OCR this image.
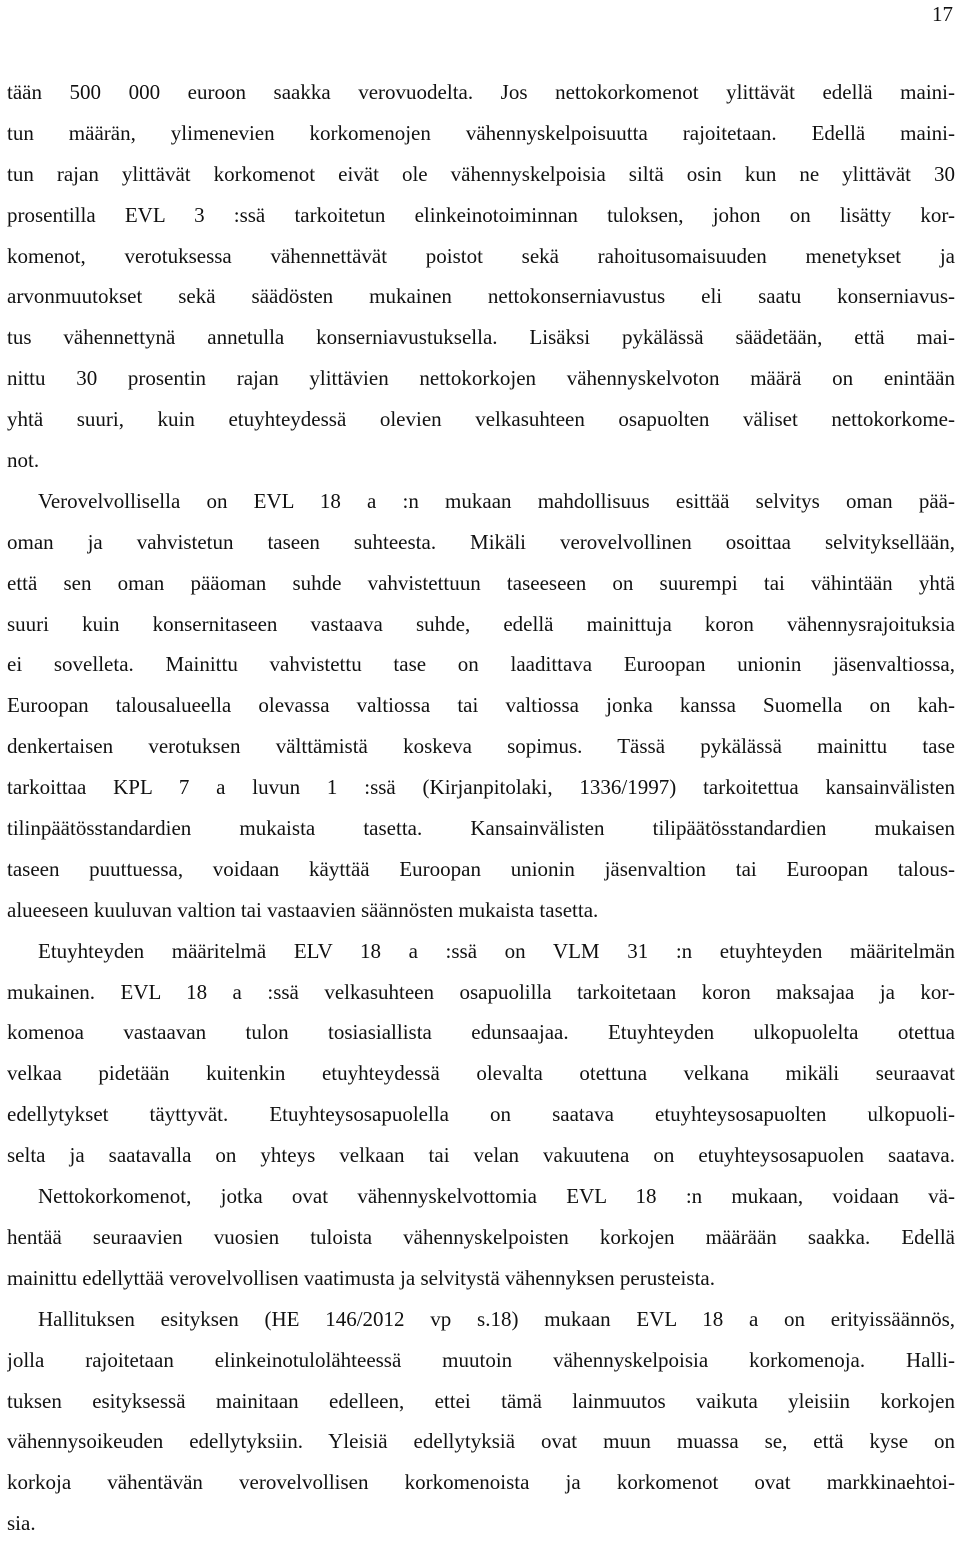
17
tään 500 000 euroon saakka verovuodelta. Jos nettokorkomenot ylittävät edellä maini-
tun määrän, ylimenevien korkomenojen vähennyskelpoisuutta rajoitetaan. Edellä maini-
tun rajan ylittävät korkomenot eivät ole vähennyskelpoisia siltä osin kun ne ylittävät 30
prosentilla EVL 3 :ssä tarkoitetun elinkeinotoiminnan tuloksen, johon on lisätty kor-
komenot, verotuksessa vähennettävät poistot sekä rahoitusomaisuuden menetykset ja
arvonmuutokset sekä säädösten mukainen nettokonserniavustus eli saatu konserniavus-
tus vähennettynä annetulla konserniavustuksella. Lisäksi pykälässä säädetään, että mai-
nittu 30 prosentin rajan ylittävien nettokorkojen vähennyskelvoton määrä on enintään
yhtä suuri, kuin etuyhteydessä olevien velkasuhteen osapuolten väliset nettokorkome-
not.
Verovelvollisella on EVL 18 a :n mukaan mahdollisuus esittää selvitys oman pää-
oman ja vahvistetun taseen suhteesta. Mikäli verovelvollinen osoittaa selvityksellään,
että sen oman pääoman suhde vahvistettuun taseeseen on suurempi tai vähintään yhtä
suuri kuin konsernitaseen vastaava suhde, edellä mainittuja koron vähennysrajoituksia
ei sovelleta. Mainittu vahvistettu tase on laadittava Euroopan unionin jäsenvaltiossa,
Euroopan talousalueella olevassa valtiossa tai valtiossa jonka kanssa Suomella on kah-
denkertaisen verotuksen välttämistä koskeva sopimus. Tässä pykälässä mainittu tase
tarkoittaa KPL 7 a luvun 1 :ssä (Kirjanpitolaki, 1336/1997) tarkoitettua kansainvälisten
tilinpäätösstandardien mukaista tasetta. Kansainvälisten tilipäätösstandardien mukaisen
taseen puuttuessa, voidaan käyttää Euroopan unionin jäsenvaltion tai Euroopan talous-
alueeseen kuuluvan valtion tai vastaavien säännösten mukaista tasetta.
Etuyhteyden määritelmä ELV 18 a :ssä on VLM 31 :n etuyhteyden määritelmän
mukainen. EVL 18 a :ssä velkasuhteen osapuolilla tarkoitetaan koron maksajaa ja kor-
komenoa vastaavan tulon tosiasiallista edunsaajaa. Etuyhteyden ulkopuolelta otettua
velkaa pidetään kuitenkin etuyhteydessä olevalta otettuna velkana mikäli seuraavat
edellytykset täyttyvät. Etuyhteysosapuolella on saatava etuyhteysosapuolten ulkopuoli-
selta ja saatavalla on yhteys velkaan tai velan vakuutena on etuyhteysosapuolen saatava.
Nettokorkomenot, jotka ovat vähennyskelvottomia EVL 18 :n mukaan, voidaan vä-
hentää seuraavien vuosien tuloista vähennyskelpoisten korkojen määrään saakka. Edellä
mainittu edellyttää verovelvollisen vaatimusta ja selvitystä vähennyksen perusteista.
Hallituksen esityksen (HE 146/2012 vp s.18) mukaan EVL 18 a on erityissäännös,
jolla rajoitetaan elinkeinotulolähteessä muutoin vähennyskelpoisia korkomenoja. Halli-
tuksen esityksessä mainitaan edelleen, ettei tämä lainmuutos vaikuta yleisiin korkojen
vähennysoikeuden edellytyksiin. Yleisiä edellytyksiä ovat muun muassa se, että kyse on
korkoja vähentävän verovelvollisen korkomenoista ja korkomenot ovat markkinaehtoi-
sia.
